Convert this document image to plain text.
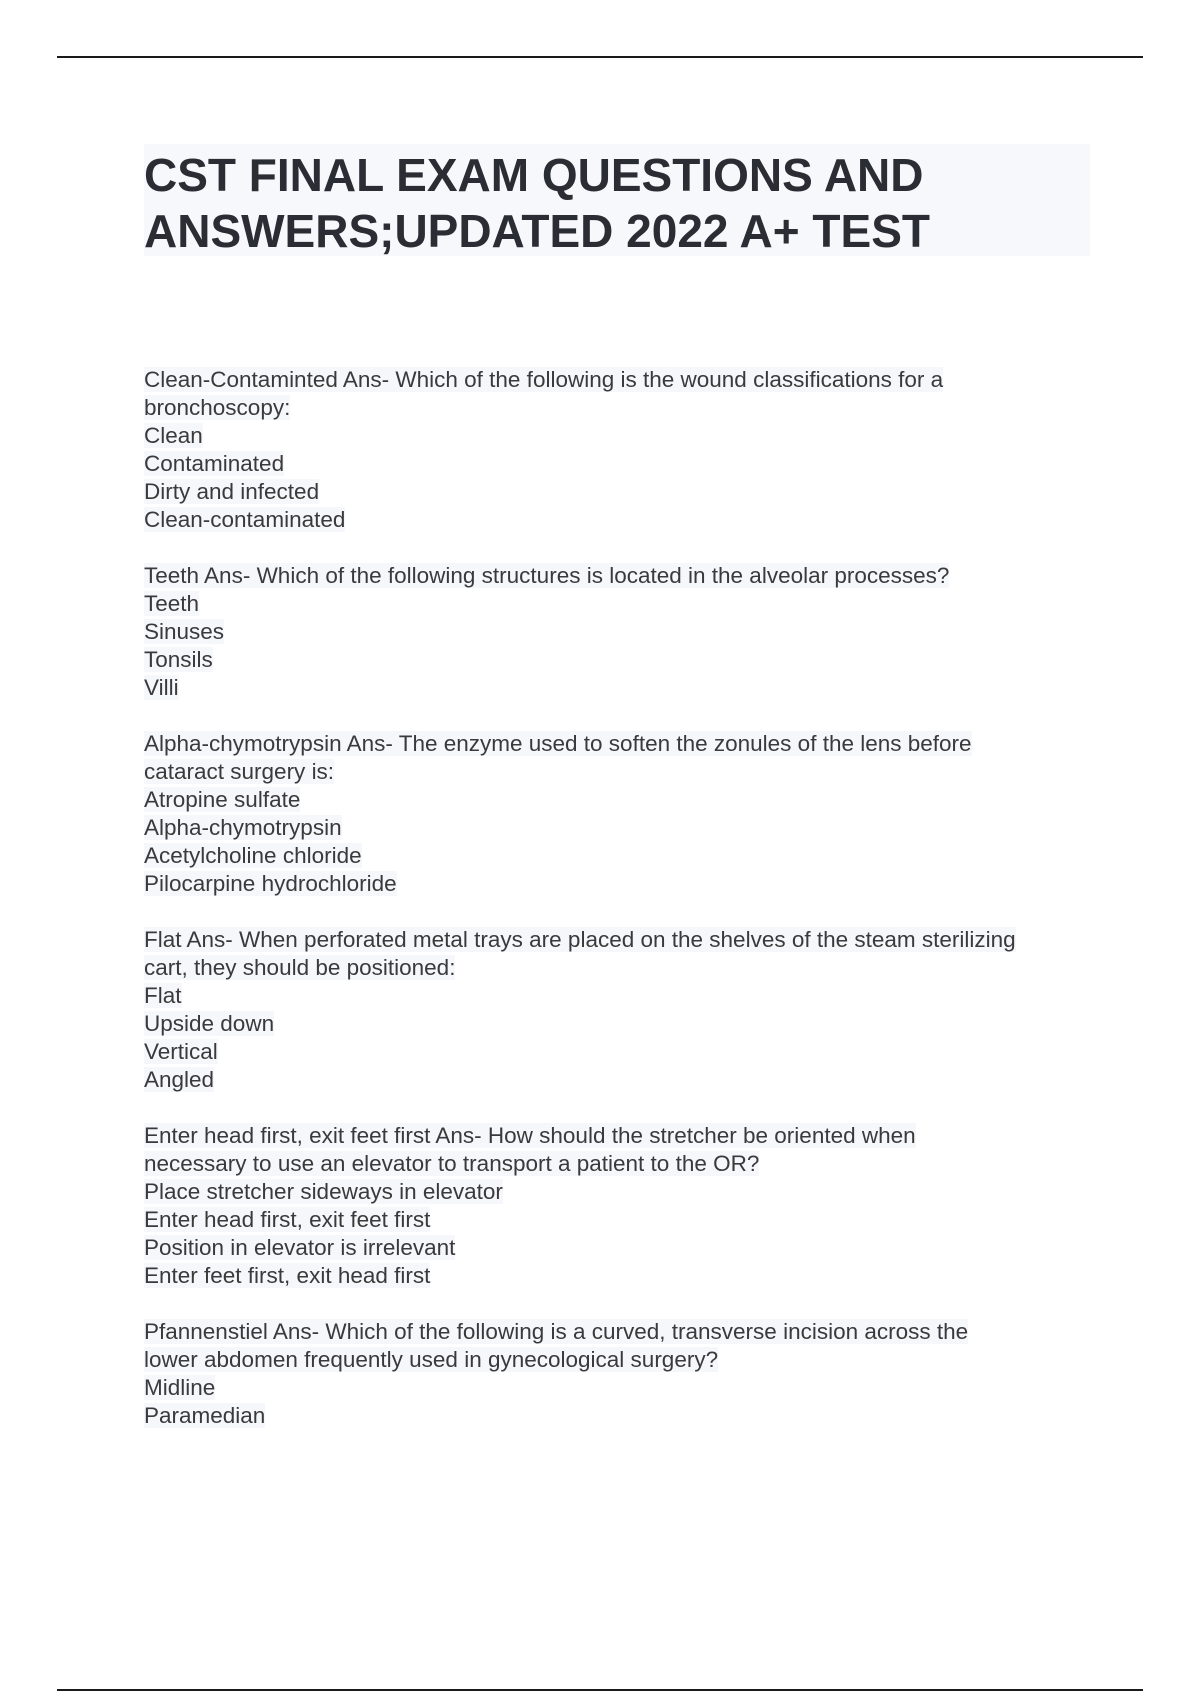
CST FINAL EXAM QUESTIONS AND
ANSWERS;UPDATED 2022 A+ TEST
Clean-Contaminted Ans- Which of the following is the wound classifications for a
bronchoscopy:
Clean
Contaminated
Dirty and infected
Clean-contaminated
Teeth Ans- Which of the following structures is located in the alveolar processes?
Teeth
Sinuses
Tonsils
Villi
Alpha-chymotrypsin Ans- The enzyme used to soften the zonules of the lens before
cataract surgery is:
Atropine sulfate
Alpha-chymotrypsin
Acetylcholine chloride
Pilocarpine hydrochloride
Flat Ans- When perforated metal trays are placed on the shelves of the steam sterilizing
cart, they should be positioned:
Flat
Upside down
Vertical
Angled
Enter head first, exit feet first Ans- How should the stretcher be oriented when
necessary to use an elevator to transport a patient to the OR?
Place stretcher sideways in elevator
Enter head first, exit feet first
Position in elevator is irrelevant
Enter feet first, exit head first
Pfannenstiel Ans- Which of the following is a curved, transverse incision across the
lower abdomen frequently used in gynecological surgery?
Midline
Paramedian
